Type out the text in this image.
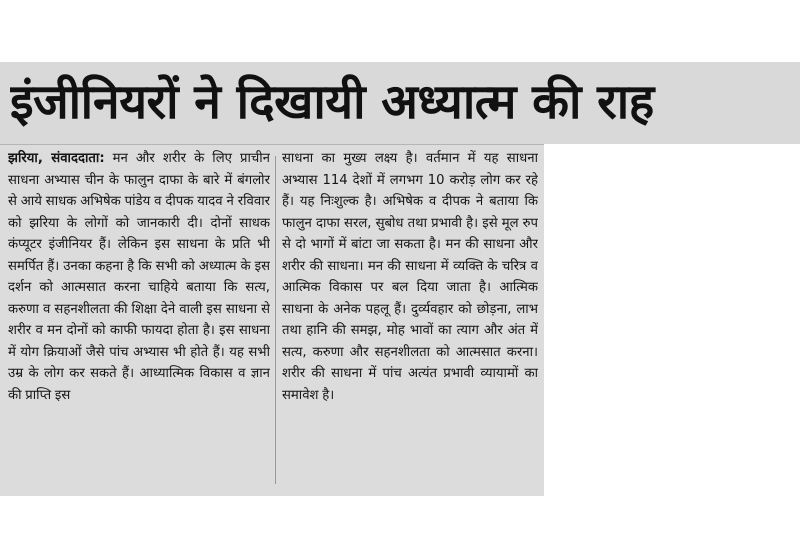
इंजीनियरों ने दिखायी अध्यात्म की राह

झरिया, संवाददाता: मन और शरीर के लिए प्राचीन साधना अभ्यास चीन के फालुन दाफा के बारे में बंगलोर से आये साधक अभिषेक पांडेय व दीपक यादव ने रविवार को झरिया के लोगों को जानकारी दी। दोनों साधक कंप्यूटर इंजीनियर हैं। लेकिन इस साधना के प्रति भी समर्पित हैं। उनका कहना है कि सभी को अध्यात्म के इस दर्शन को आत्मसात करना चाहिये बताया कि सत्य, करुणा व सहनशीलता की शिक्षा देने वाली इस साधना से शरीर व मन दोनों को काफी फायदा होता है। इस साधना में योग क्रियाओं जैसे पांच अभ्यास भी होते हैं। यह सभी उम्र के लोग कर सकते हैं। आध्यात्मिक विकास व ज्ञान की प्राप्ति इस

साधना का मुख्य लक्ष्य है। वर्तमान में यह साधना अभ्यास 114 देशों में लगभग 10 करोड़ लोग कर रहे हैं। यह निःशुल्क है। अभिषेक व दीपक ने बताया कि फालुन दाफा सरल, सुबोध तथा प्रभावी है। इसे मूल रुप से दो भागों में बांटा जा सकता है। मन की साधना और शरीर की साधना। मन की साधना में व्यक्ति के चरित्र व आत्मिक विकास पर बल दिया जाता है। आत्मिक साधना के अनेक पहलू हैं। दुर्व्यवहार को छोड़ना, लाभ तथा हानि की समझ, मोह भावों का त्याग और अंत में सत्य, करुणा और सहनशीलता को आत्मसात करना। शरीर की साधना में पांच अत्यंत प्रभावी व्यायामों का समावेश है।
